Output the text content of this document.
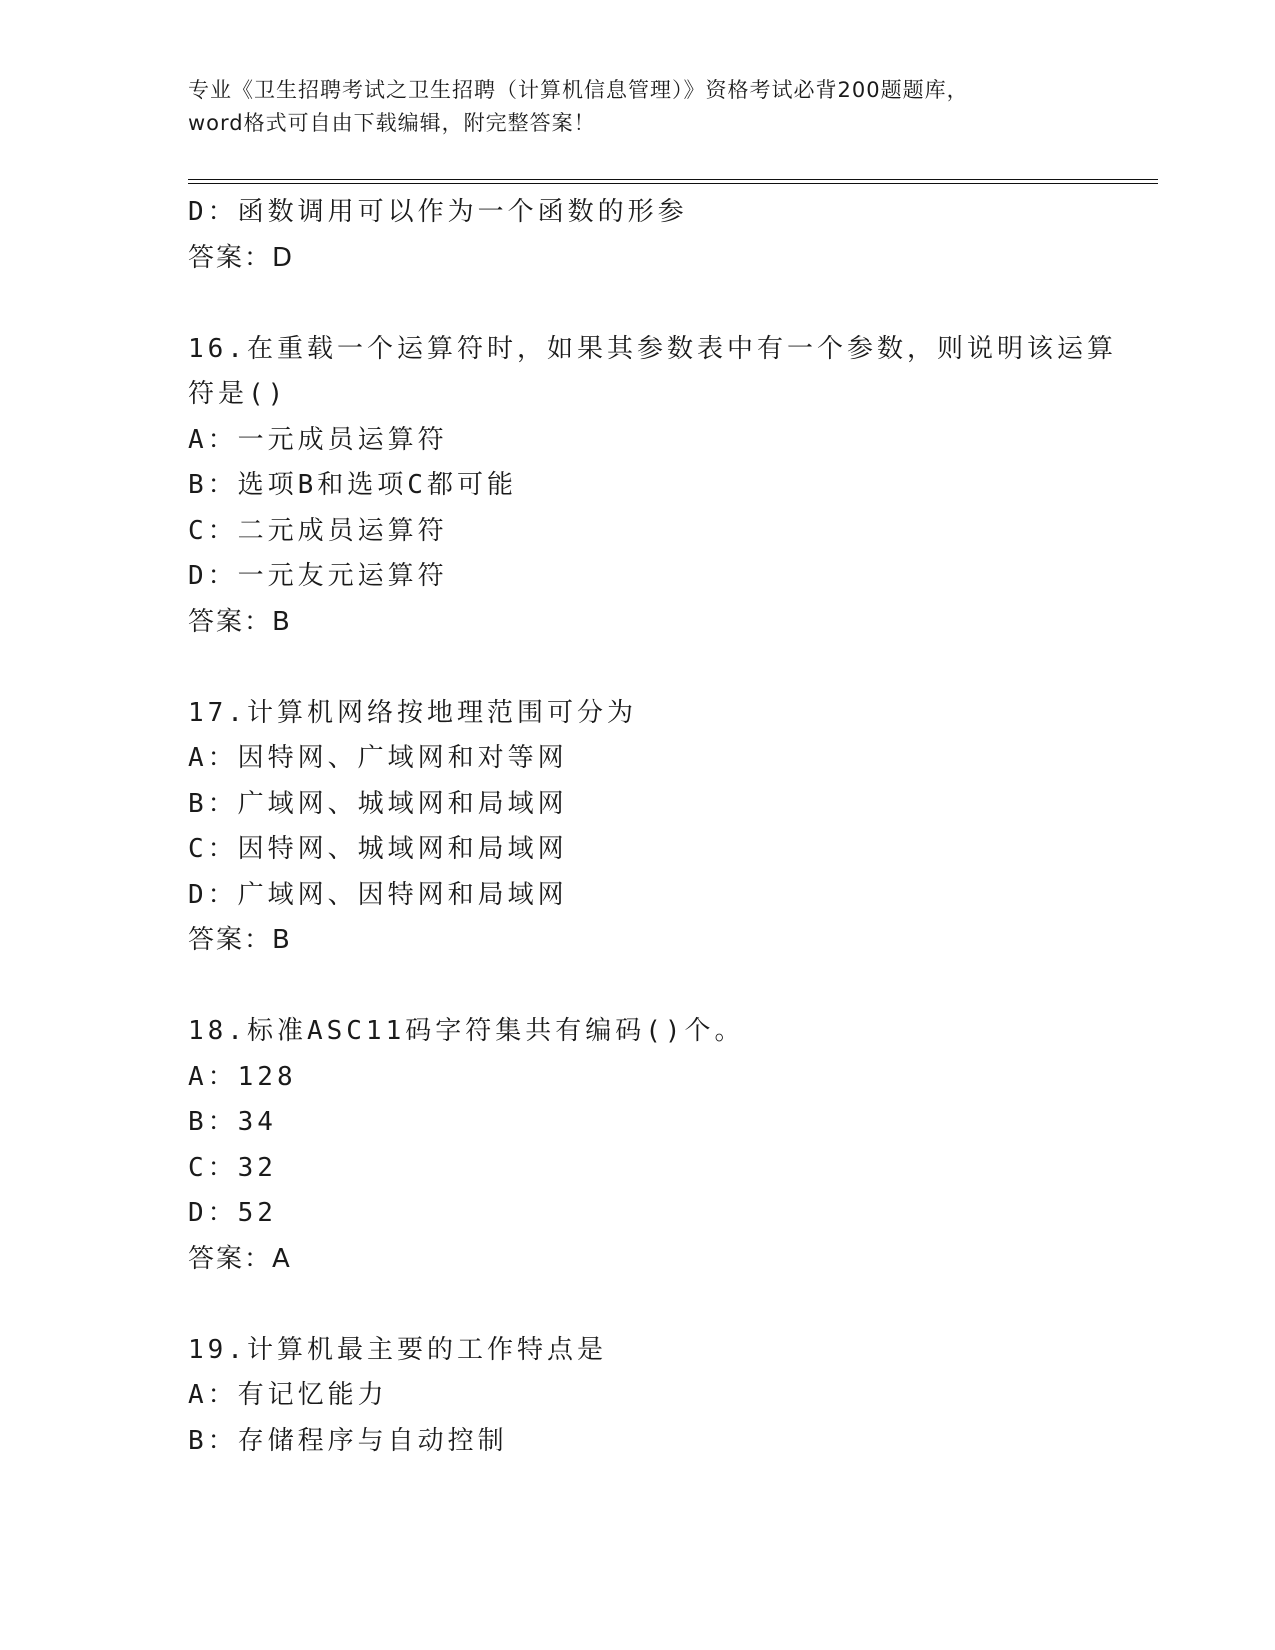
专业《卫生招聘考试之卫生招聘（计算机信息管理）》资格考试必背200题题库，
word格式可自由下载编辑，附完整答案！
D：函数调用可以作为一个函数的形参
答案：D
16.在重载一个运算符时，如果其参数表中有一个参数，则说明该运算
符是()
A：一元成员运算符
B：选项B和选项C都可能
C：二元成员运算符
D：一元友元运算符
答案：B
17.计算机网络按地理范围可分为
A：因特网、广域网和对等网
B：广域网、城域网和局域网
C：因特网、城域网和局域网
D：广域网、因特网和局域网
答案：B
18.标准ASC11码字符集共有编码()个。
A：128
B：34
C：32
D：52
答案：A
19.计算机最主要的工作特点是
A：有记忆能力
B：存储程序与自动控制
